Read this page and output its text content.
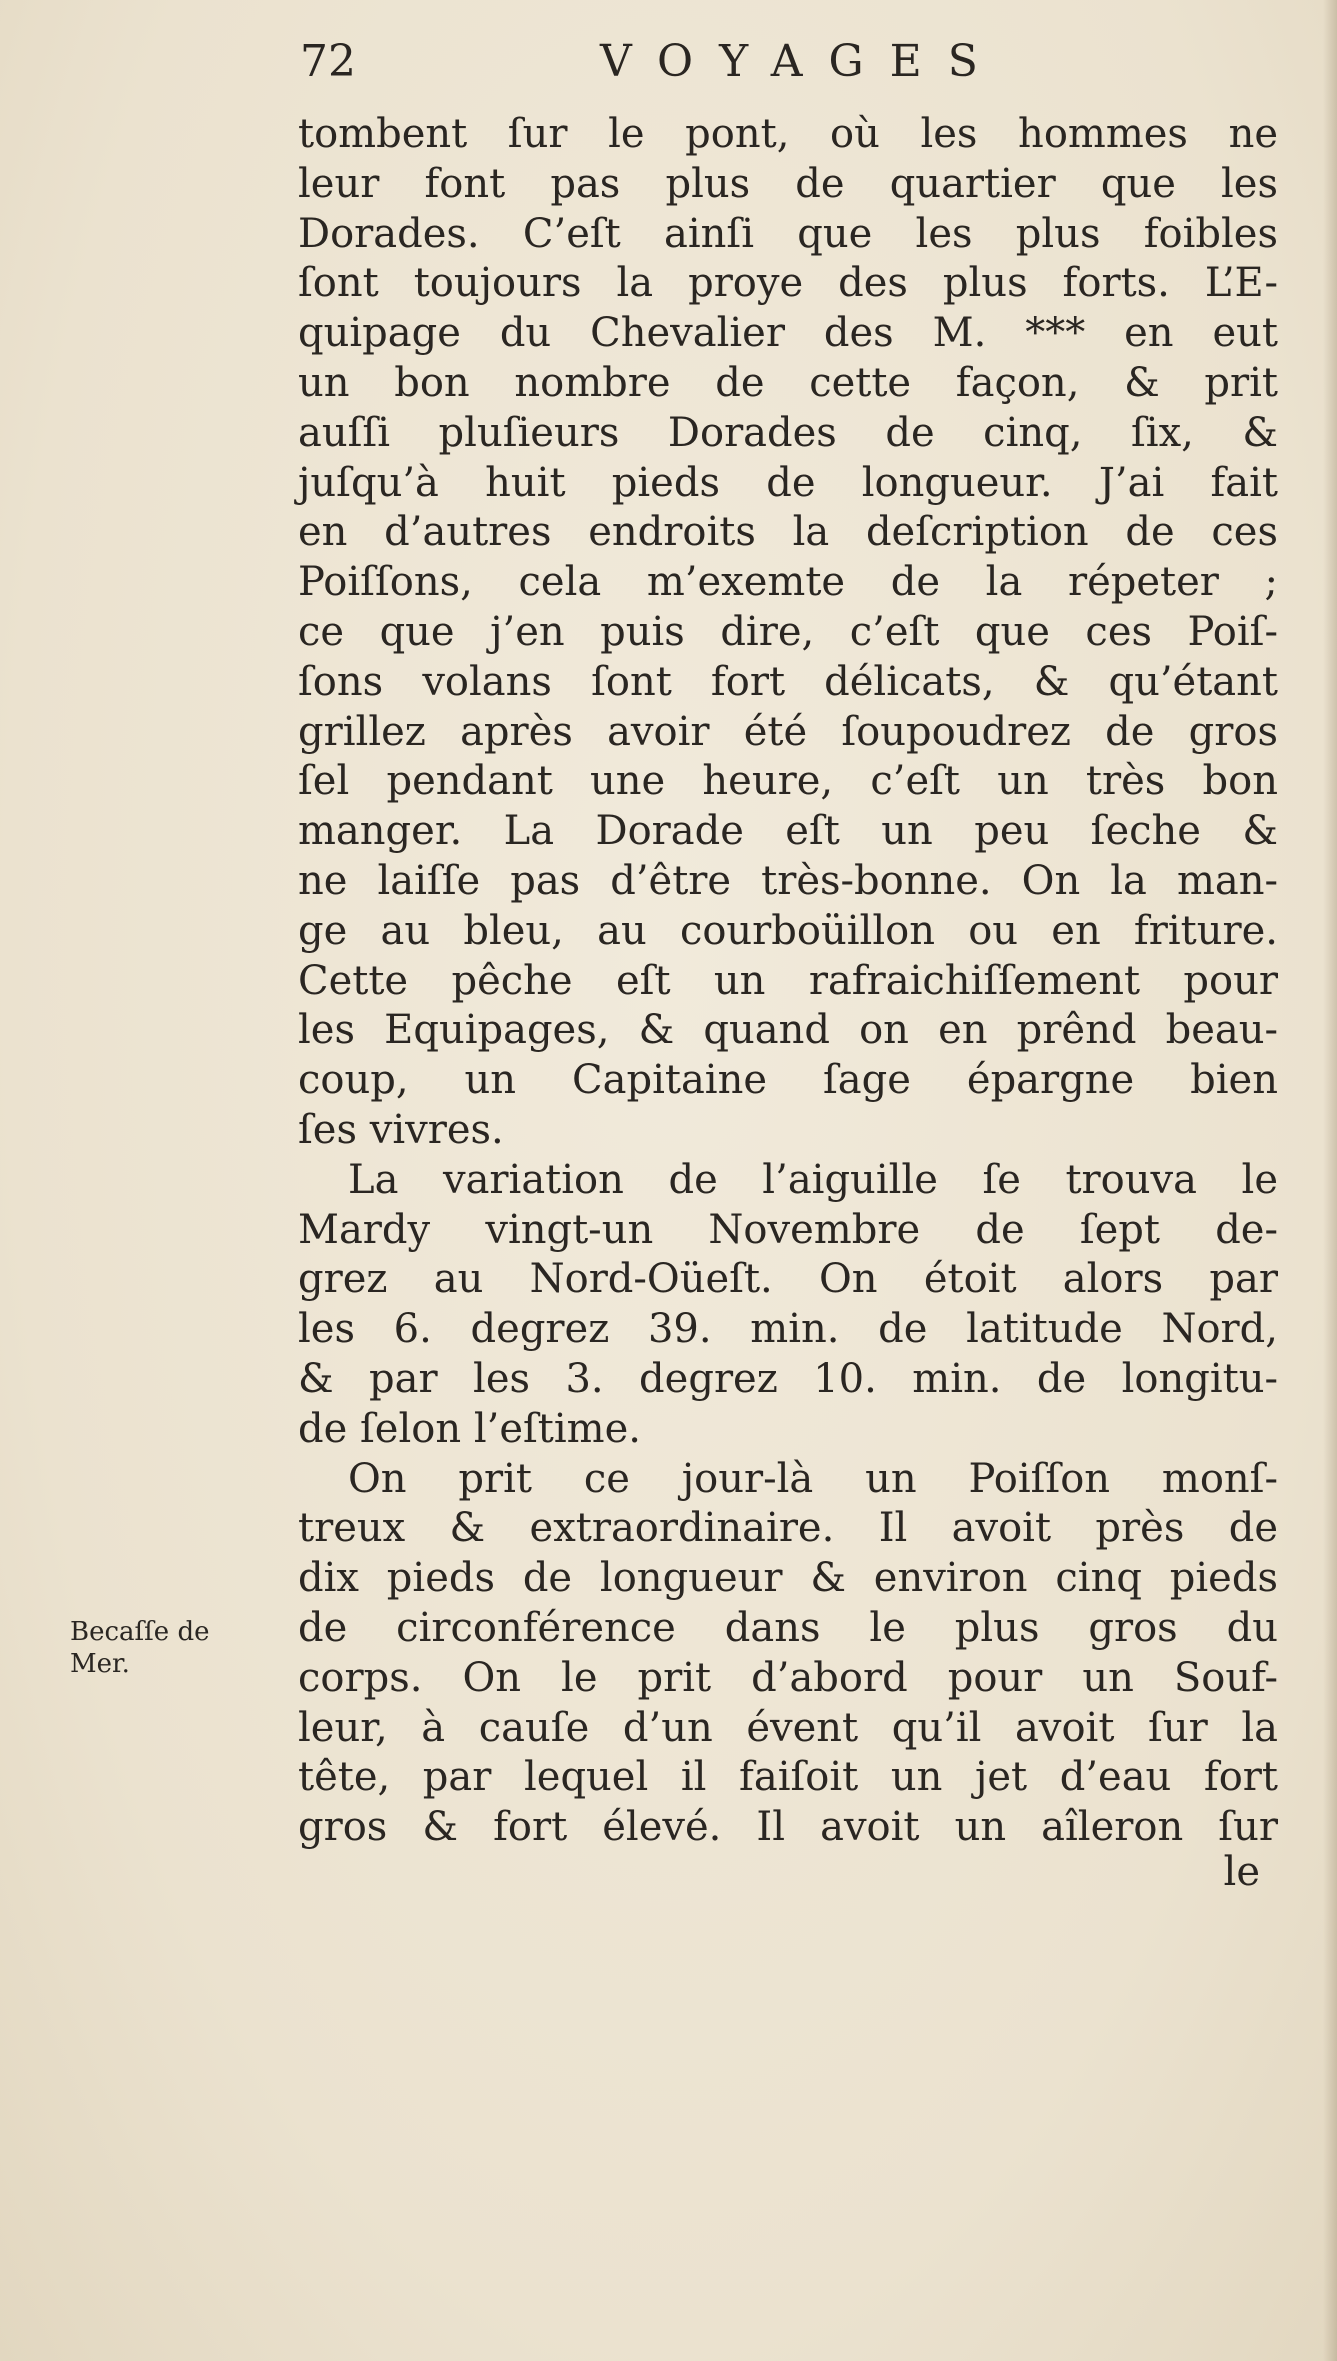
72	VOYAGES
Becaſſe de
Mer.
tombent ſur le pont, où les hommes ne
leur font pas plus de quartier que les
Dorades. C’eſt ainſi que les plus foibles
ſont toujours la proye des plus forts. L’E-
quipage du Chevalier des M. *** en eut
un bon nombre de cette façon, & prit
auſſi pluſieurs Dorades de cinq, ſix, &
juſqu’à huit pieds de longueur. J’ai fait
en d’autres endroits la deſcription de ces
Poiſſons, cela m’exemte de la répeter ;
ce que j’en puis dire, c’eſt que ces Poiſ-
ſons volans ſont fort délicats, & qu’étant
grillez après avoir été ſoupoudrez de gros
ſel pendant une heure, c’eſt un très bon
manger. La Dorade eſt un peu ſeche &
ne laiſſe pas d’être très-bonne. On la man-
ge au bleu, au courboüillon ou en friture.
Cette pêche eſt un rafraichiſſement pour
les Equipages, & quand on en prênd beau-
coup, un Capitaine ſage épargne bien
ſes vivres.
La variation de l’aiguille ſe trouva le
Mardy vingt-un Novembre de ſept de-
grez au Nord-Oüeſt. On étoit alors par
les 6. degrez 39. min. de latitude Nord,
& par les 3. degrez 10. min. de longitu-
de ſelon l’eſtime.
On prit ce jour-là un Poiſſon monſ-
treux & extraordinaire. Il avoit près de
dix pieds de longueur & environ cinq pieds
de circonférence dans le plus gros du
corps. On le prit d’abord pour un Souf-
leur, à cauſe d’un évent qu’il avoit ſur la
tête, par lequel il faiſoit un jet d’eau fort
gros & fort élevé. Il avoit un aîleron ſur
le
